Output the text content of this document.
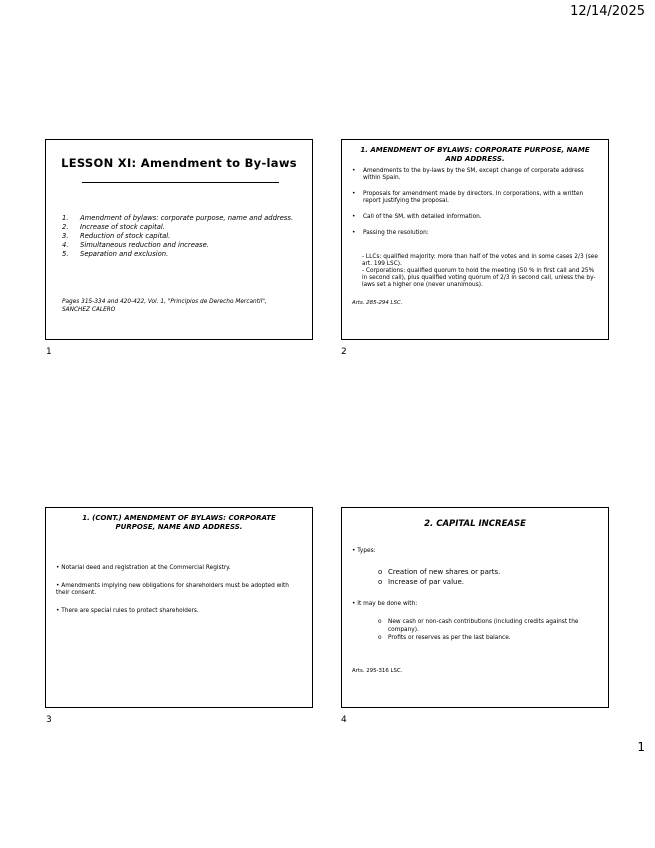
12/14/2025
LESSON XI: Amendment to By-laws
1.	Amendment of bylaws: corporate purpose, name and address.
2.	Increase of stock capital.
3.	Reduction of stock capital.
4.	Simultaneous reduction and increase.
5.	Separation and exclusion.
Pages 315-334 and 420-422, Vol. 1, "Principios de Derecho Mercantil", SANCHEZ CALERO
1
1. AMENDMENT OF BYLAWS: CORPORATE PURPOSE, NAME AND ADDRESS.
•	Amendments to the by-laws by the SM, except change of corporate address within Spain.
•	Proposals for amendment made by directors. In corporations, with a written report justifying the proposal.
•	Call of the SM, with detailed information.
•	Passing the resolution:

- LLCs: qualified majority: more than half of the votes and in some cases 2/3 (see art. 199 LSC).

- Corporations: qualified quorum to hold the meeting (50 % in first call and 25% in second call), plus qualified voting quorum of 2/3 in second call, unless the by-laws set a higher one (never unanimous).

Arts. 285-294 LSC.
2
1. (CONT.) AMENDMENT OF BYLAWS: CORPORATE PURPOSE, NAME AND ADDRESS.

• Notarial deed and registration at the Commercial Registry.

• Amendments implying new obligations for shareholders must be adopted with their consent.

• There are special rules to protect shareholders.

3
2. CAPITAL INCREASE
• Types:
o Creation of new shares or parts.
o Increase of par value.
• It may be done with:
o	New cash or non-cash contributions (including credits against the company).
o	Profits or reserves as per the last balance.
Arts. 295-316 LSC.
4
1
